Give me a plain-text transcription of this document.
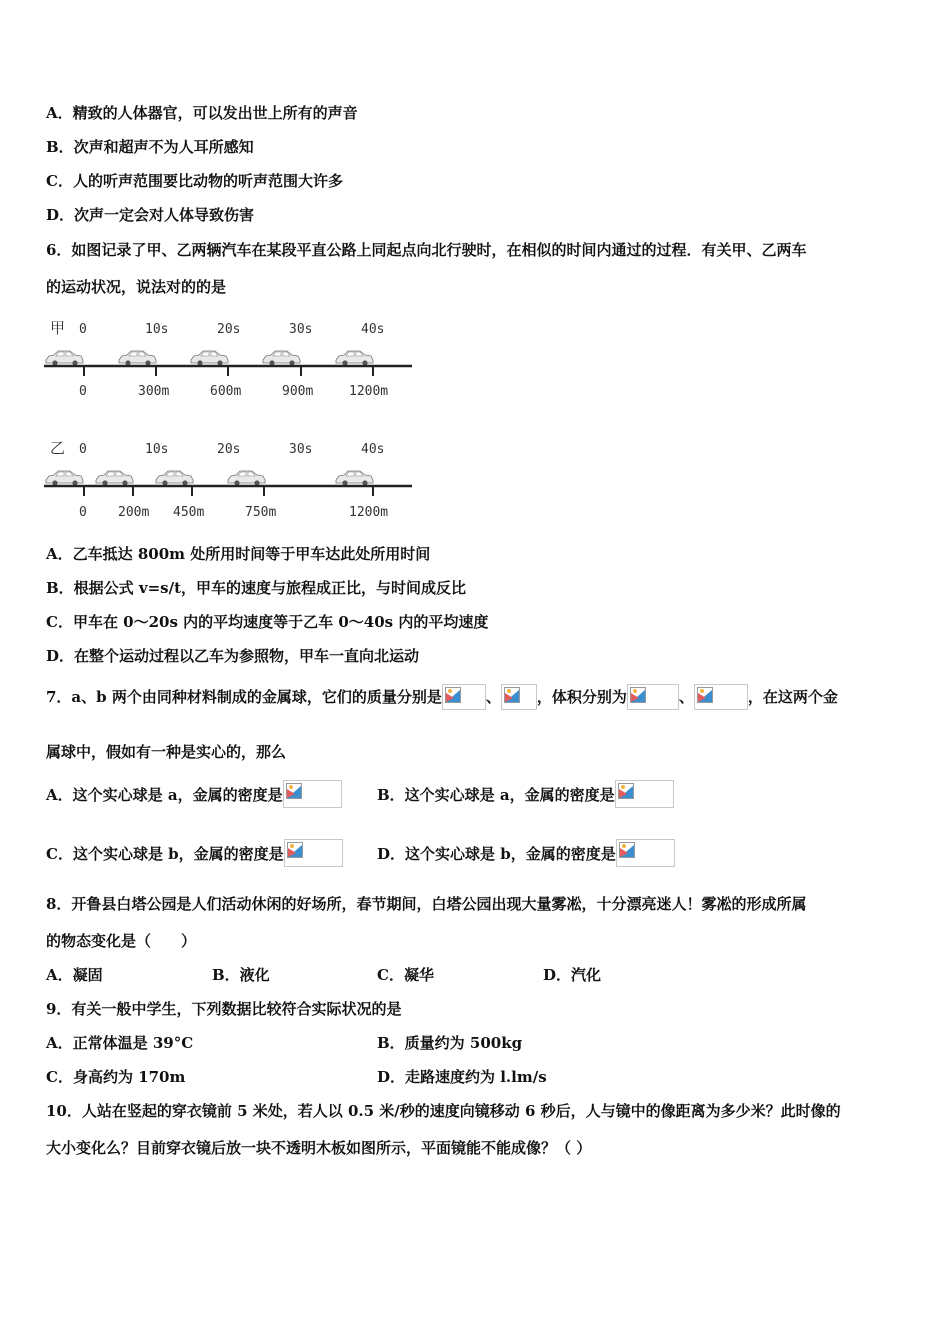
A．精致的人体器官，可以发出世上所有的声音
B．次声和超声不为人耳所感知
C．人的听声范围要比动物的听声范围大许多
D．次声一定会对人体导致伤害
6．如图记录了甲、乙两辆汽车在某段平直公路上同起点向北行驶时，在相似的时间内通过的过程．有关甲、乙两车
的运动状况，说法对的的是
甲 0	10s	20s	30s	40s
0	300m	600m	900m	1200m
乙 0	10s	20s	30s	40s
0 200m 450m	750m	1200m
A．乙车抵达 800m 处所用时间等于甲车达此处所用时间
B．根据公式 v=s/t，甲车的速度与旅程成正比，与时间成反比
C．甲车在 0～20s 内的平均速度等于乙车 0～40s 内的平均速度
D．在整个运动过程以乙车为参照物，甲车一直向北运动
7．a、b 两个由同种材料制成的金属球，它们的质量分别是	、 ，体积分别为	、	，在这两个金
属球中，假如有一种是实心的，那么
A．这个实心球是 a，金属的密度是	B．这个实心球是 a，金属的密度是
C．这个实心球是 b，金属的密度是	D．这个实心球是 b，金属的密度是
8．开鲁县白塔公园是人们活动休闲的好场所，春节期间，白塔公园出现大量雾凇，十分漂亮迷人！雾凇的形成所属
的物态变化是（　　）
A．凝固	B．液化	C．凝华	D．汽化
9．有关一般中学生，下列数据比较符合实际状况的是
A．正常体温是 39°C	B．质量约为 500kg
C．身高约为 170m	D．走路速度约为 l.lm/s
10．人站在竖起的穿衣镜前 5 米处，若人以 0.5 米/秒的速度向镜移动 6 秒后，人与镜中的像距离为多少米？此时像的
大小变化么？目前穿衣镜后放一块不透明木板如图所示，平面镜能不能成像？（ ）
